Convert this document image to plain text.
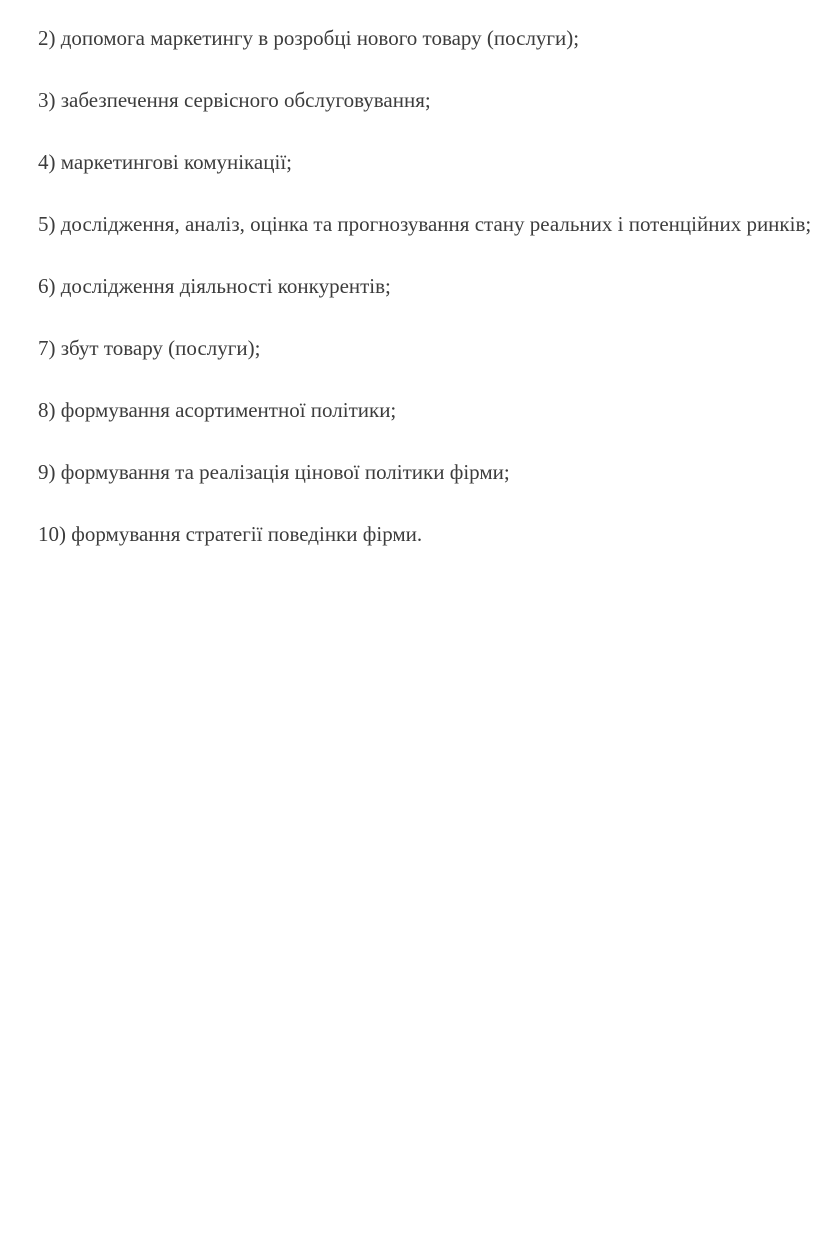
2) допомога маркетингу в розробці нового товару (послуги);

3) забезпечення сервісного обслуговування;

4) маркетингові комунікації;

5) дослідження, аналіз, оцінка та прогнозування стану реальних і потенційних ринків;

6) дослідження діяльності конкурентів;

7) збут товару (послуги);

8) формування асортиментної політики;

9) формування та реалізація цінової політики фірми;

10) формування стратегії поведінки фірми.
